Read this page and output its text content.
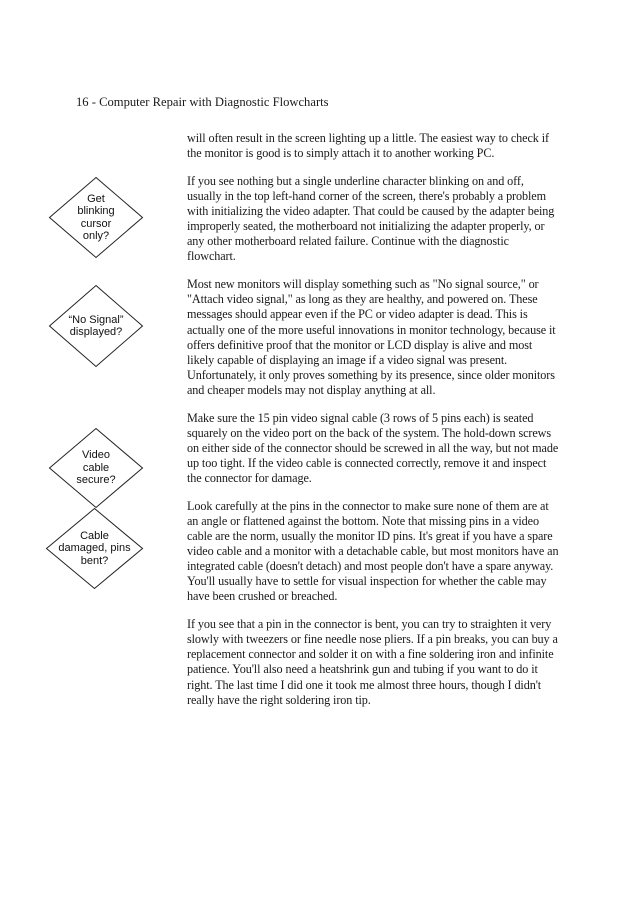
16 - Computer Repair with Diagnostic Flowcharts
Get
blinking
cursor
only?
“No Signal”
displayed?
Video
cable
secure?
Cable
damaged, pins
bent?

will often result in the screen lighting up a little. The easiest way to check if the monitor is good is to simply attach it to another working PC.

If you see nothing but a single underline character blinking on and off, usually in the top left-hand corner of the screen, there's probably a problem with initializing the video adapter. That could be caused by the adapter being improperly seated, the motherboard not initializing the adapter properly, or any other motherboard related failure. Continue with the diagnostic flowchart.

Most new monitors will display something such as "No signal source," or "Attach video signal," as long as they are healthy, and powered on. These messages should appear even if the PC or video adapter is dead. This is actually one of the more useful innovations in monitor technology, because it offers definitive proof that the monitor or LCD display is alive and most likely capable of displaying an image if a video signal was present. Unfortunately, it only proves something by its presence, since older monitors and cheaper models may not display anything at all.

Make sure the 15 pin video signal cable (3 rows of 5 pins each) is seated squarely on the video port on the back of the system. The hold-down screws on either side of the connector should be screwed in all the way, but not made up too tight. If the video cable is connected correctly, remove it and inspect the connector for damage.

Look carefully at the pins in the connector to make sure none of them are at an angle or flattened against the bottom. Note that missing pins in a video cable are the norm, usually the monitor ID pins. It's great if you have a spare video cable and a monitor with a detachable cable, but most monitors have an integrated cable (doesn't detach) and most people don't have a spare anyway. You'll usually have to settle for visual inspection for whether the cable may have been crushed or breached.

If you see that a pin in the connector is bent, you can try to straighten it very slowly with tweezers or fine needle nose pliers. If a pin breaks, you can buy a replacement connector and solder it on with a fine soldering iron and infinite patience. You'll also need a heatshrink gun and tubing if you want to do it right. The last time I did one it took me almost three hours, though I didn't really have the right soldering iron tip.
